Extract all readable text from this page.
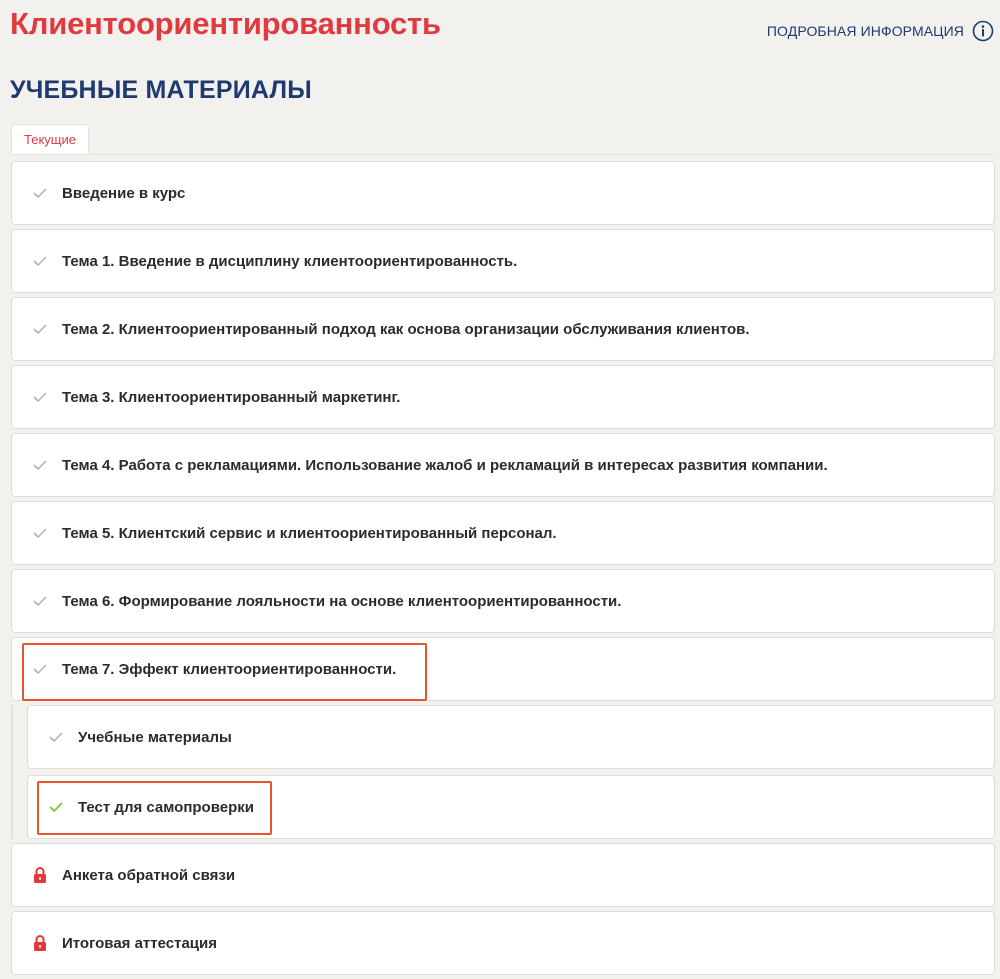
Клиентоориентированность	ПОДРОБНАЯ ИНФОРМАЦИЯ
УЧЕБНЫЕ МАТЕРИАЛЫ
Текущие
Введение в курс
Тема 1. Введение в дисциплину клиентоориентированность.
Тема 2. Клиентоориентированный подход как основа организации обслуживания клиентов.
Тема 3. Клиентоориентированный маркетинг.
Тема 4. Работа с рекламациями. Использование жалоб и рекламаций в интересах развития компании.
Тема 5. Клиентский сервис и клиентоориентированный персонал.
Тема 6. Формирование лояльности на основе клиентоориентированности.
Тема 7. Эффект клиентоориентированности.
Учебные материалы
Тест для самопроверки
Анкета обратной связи
Итоговая аттестация
